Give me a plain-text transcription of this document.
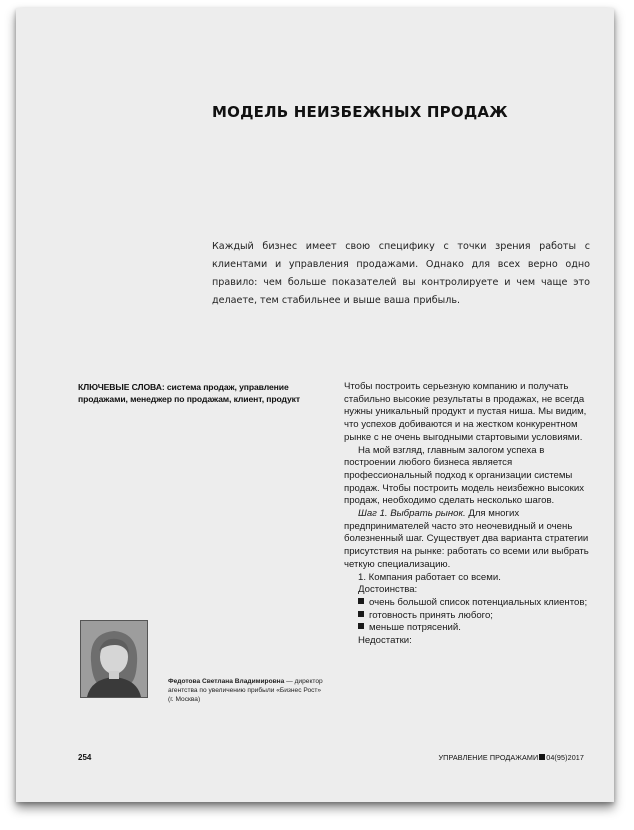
МОДЕЛЬ НЕИЗБЕЖНЫХ ПРОДАЖ
Каждый бизнес имеет свою специфику с точки зрения работы с клиентами и управления продажами. Однако для всех верно одно правило: чем больше показателей вы контролируете и чем чаще это делаете, тем стабильнее и выше ваша прибыль.
КЛЮЧЕВЫЕ СЛОВА: система продаж, управление продажами, менеджер по продажам, клиент, продукт

Чтобы построить серьезную компанию и получать стабильно высокие результаты в продажах, не всегда нужны уникальный продукт и пустая ниша. Мы видим, что успехов добиваются и на жестком конкурентном рынке с не очень выгодными стартовыми условиями.

На мой взгляд, главным залогом успеха в построении любого бизнеса является профессиональный подход к организации системы продаж. Чтобы построить модель неизбежно высоких продаж, необходимо сделать несколько шагов.

Шаг 1. Выбрать рынок. Для многих предпринимателей часто это неочевидный и очень болезненный шаг. Существует два варианта стратегии присутствия на рынке: работать со всеми или выбрать четкую специализацию.

1. Компания работает со всеми.

Достоинства:

очень большой список потенциальных клиентов;

готовность принять любого;

меньше потрясений.

Недостатки:

Федотова Светлана Владимировна — директор агентства по увеличению прибыли «Бизнес Рост» (г. Москва)
254	УПРАВЛЕНИЕ ПРОДАЖАМИ 04(95)2017
